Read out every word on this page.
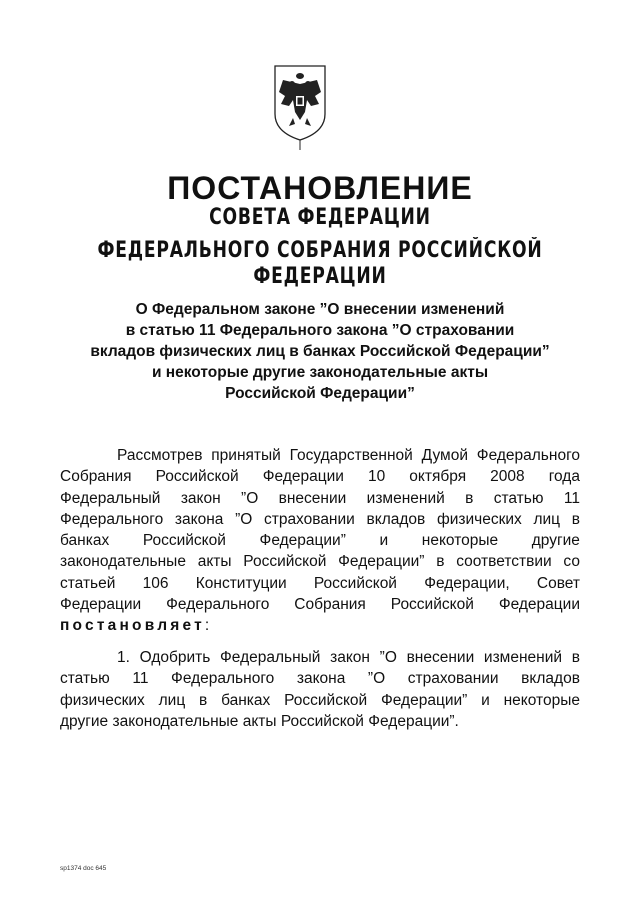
ПОСТАНОВЛЕНИЕ
СОВЕТА ФЕДЕРАЦИИ
ФЕДЕРАЛЬНОГО СОБРАНИЯ РОССИЙСКОЙ ФЕДЕРАЦИИ
О Федеральном законе ”О внесении изменений
в статью 11 Федерального закона ”О страховании
вкладов физических лиц в банках Российской Федерации”
и некоторые другие законодательные акты
Российской Федерации”
Рассмотрев принятый Государственной Думой Федерального
Собрания Российской Федерации 10 октября 2008 года
Федеральный закон ”О внесении изменений в статью 11
Федерального закона ”О страховании вкладов физических лиц в
банках Российской Федерации” и некоторые другие
законодательные акты Российской Федерации” в соответствии со
статьей 106 Конституции Российской Федерации, Совет
Федерации Федерального Собрания Российской Федерации
постановляет :
1. Одобрить Федеральный закон ”О внесении изменений в
статью 11 Федерального закона ”О страховании вкладов
физических лиц в банках Российской Федерации” и некоторые
другие законодательные акты Российской Федерации”.
sp1374 doc 645
